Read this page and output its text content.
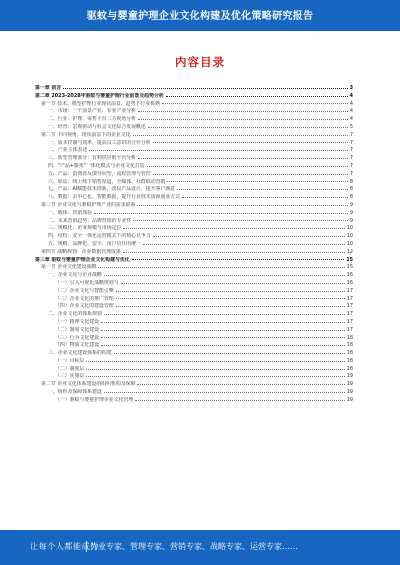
驱蚊与婴童护理企业文化构建及优化策略研究报告
内容目录
第一章 前言	3
第二章 2023-2028年驱蚊与婴童护理行业前景及趋势分析	4
第一节 技术、模型护理行业现状前景、趋势下行业机遇	4
一、市场：一个前景产业、专业产业分析	4
二、行业：护理、零售平台三方视角分析	4
一、经营：宏观驱动与社会文化综合发展概述	5
第二节 不同视角，现状前景下的企业文化	7
一、成本控制与效率，提高员工意识的合作分析	7
二、产业主体表述	7
三、转型管理部分：有利供应链平台分析	7
四、"产品+服务"一体化模式与企业文化打造	7
五、产品：消费者反馈导向型，流程管理与管控	7
六、联动：线上线下销售渠道，全媒体、社群联动营销	8
七、产品：AI赋能技术创新，改良产品设计，提升客户满意	8
八、数据：去中心化、智能数据，提升行业技术资源展业方式	8
第三节 企业文化与驱蚊护理产业的需求联系	9
一、载体：营销体验	9
二、未来营销趋势：品牌营销的专业性	9
三、规模化：企业规模与市场定位	10
四、结构：安全一体化运营模式下的核心竞争力	10
五、规模：品牌化、安全、用户信任的统一	10
第四节 战略规划：企业数据管理成果	12
第三章 驱蚊与婴童护理企业文化构建与优化	15
第一节 企业文化建设战略	15
一、企业文化与企业战略	16
（一）引入可视化战略规划与	16
（二）企业文化与智能引擎	17
（三）企业文化的推广管理	17
（四）企业文化的建设管理	17
二、企业文化的体系规划	17
（一）精神文化建设	17
（二）制度文化建设	17
（三）行为文化建设	18
（四）物质文化建设	18
三、企业文化建设体系的构建	18
（一）目标层	18
（二）制度层	18
（三）实施层	19
第二节 企业文化体系建设的组织机构及保障	19
一、组织及保障体系建设	19
（一）驱蚊与婴童护理企业文化管理	19
让每个人都能成为
行业专家、管理专家、营销专家、战略专家、运营专家……
